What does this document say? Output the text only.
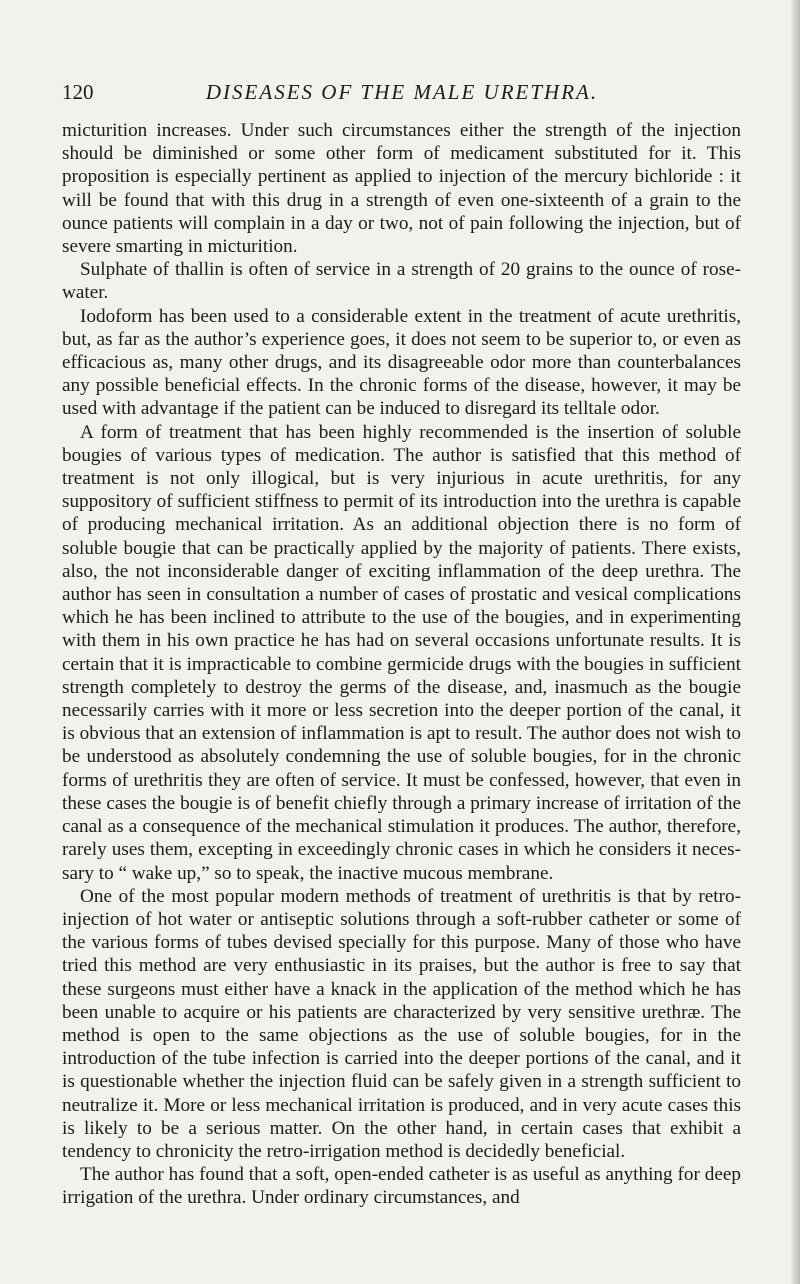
120	DISEASES OF THE MALE URETHRA.

micturition increases. Under such circumstances either the strength of the injection should be diminished or some other form of medicament substituted for it. This proposition is especially pertinent as applied to injection of the mercury bichloride : it will be found that with this drug in a strength of even one-sixteenth of a grain to the ounce patients will complain in a day or two, not of pain following the injection, but of severe smarting in micturition.

Sulphate of thallin is often of service in a strength of 20 grains to the ounce of rose-water.

Iodoform has been used to a considerable extent in the treatment of acute urethritis, but, as far as the author’s experience goes, it does not seem to be superior to, or even as efficacious as, many other drugs, and its disagreeable odor more than counterbalances any possible beneficial effects. In the chronic forms of the disease, however, it may be used with advantage if the patient can be induced to disregard its telltale odor.

A form of treatment that has been highly recommended is the insertion of soluble bougies of various types of medication. The author is satisfied that this method of treatment is not only illogical, but is very injurious in acute urethritis, for any suppository of sufficient stiffness to permit of its introduction into the urethra is capable of producing mechanical irritation. As an additional objection there is no form of soluble bougie that can be practically applied by the majority of patients. There exists, also, the not inconsiderable danger of exciting inflammation of the deep urethra. The author has seen in consultation a number of cases of prostatic and vesical complications which he has been inclined to attribute to the use of the bougies, and in experimenting with them in his own practice he has had on several occasions unfortunate results. It is certain that it is impracticable to combine germicide drugs with the bougies in sufficient strength completely to destroy the germs of the disease, and, inasmuch as the bougie necessarily carries with it more or less secretion into the deeper portion of the canal, it is obvious that an extension of inflammation is apt to result. The author does not wish to be understood as absolutely condemning the use of soluble bougies, for in the chronic forms of urethritis they are often of service. It must be confessed, however, that even in these cases the bougie is of benefit chiefly through a primary increase of irritation of the canal as a consequence of the mechanical stimulation it produces. The author, therefore, rarely uses them, excepting in exceedingly chronic cases in which he considers it necessary to “ wake up,” so to speak, the inactive mucous membrane.

One of the most popular modern methods of treatment of urethritis is that by retro-injection of hot water or antiseptic solutions through a soft-rubber catheter or some of the various forms of tubes devised specially for this purpose. Many of those who have tried this method are very enthusiastic in its praises, but the author is free to say that these surgeons must either have a knack in the application of the method which he has been unable to acquire or his patients are characterized by very sensitive urethræ. The method is open to the same objections as the use of soluble bougies, for in the introduction of the tube infection is carried into the deeper portions of the canal, and it is questionable whether the injection fluid can be safely given in a strength sufficient to neutralize it. More or less mechanical irritation is produced, and in very acute cases this is likely to be a serious matter. On the other hand, in certain cases that exhibit a tendency to chronicity the retro-irrigation method is decidedly beneficial.

The author has found that a soft, open-ended catheter is as useful as anything for deep irrigation of the urethra. Under ordinary circumstances, and
